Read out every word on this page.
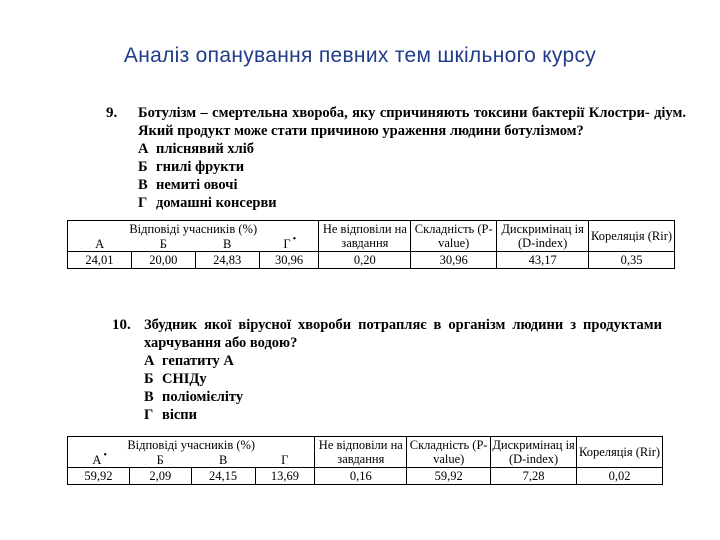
Аналіз опанування певних тем шкільного курсу
9. Ботулізм – смертельна хвороба, яку спричиняють токсини бактерії Клостри- діум. Який продукт може стати причиною ураження людини ботулізмом?
А пліснявий хліб
Б гнилі фрукти
В немиті овочі
Г домашні консерви
Відповіді учасників (%)				Не відповіли на завдання	Складність (P-value)	Дискримінац ія (D-index)	Кореляція (Rir)
А	Б	В	Г •
24,01	20,00	24,83	30,96	0,20	30,96	43,17	0,35
10. Збудник якої вірусної хвороби потрапляє в організм людини з продуктами харчування або водою?
А гепатиту А
Б СНІДу
В поліомієліту
Г віспи
Відповіді учасників (%)				Не відповіли на завдання	Складність (P-value)	Дискримінац ія (D-index)	Кореляція (Rir)
А •	Б	В	Г				
59,92	2,09	24,15	13,69	0,16	59,92	7,28	0,02
